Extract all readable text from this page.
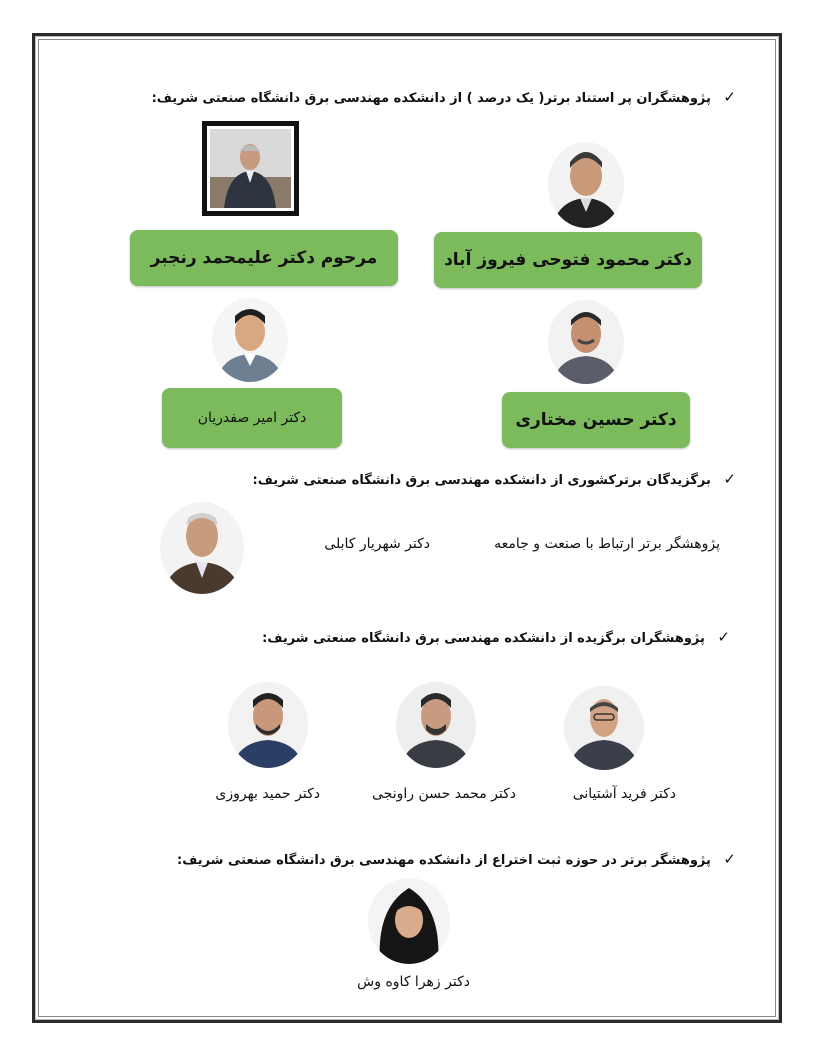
✓ پژوهشگران پر استناد برتر( یک درصد ) از دانشکده مهندسی برق دانشگاه صنعتی شریف:
دکتر محمود فتوحی فیروز آباد
مرحوم دکتر علیمحمد رنجبر
دکتر حسین مختاری
دکتر امیر صفدریان
✓ برگزیدگان برترکشوری از دانشکده مهندسی برق دانشگاه صنعتی شریف:
پژوهشگر برتر ارتباط با صنعت و جامعه
دکتر شهریار کابلی
✓ پژوهشگران برگزیده از دانشکده مهندسی برق دانشگاه صنعتی شریف:
دکتر فرید آشتیانی
دکتر محمد حسن راونجی
دکتر حمید بهروزی
✓ پژوهشگر برتر در حوزه ثبت اختراع از دانشکده مهندسی برق دانشگاه صنعتی شریف:
دکتر زهرا کاوه وش
